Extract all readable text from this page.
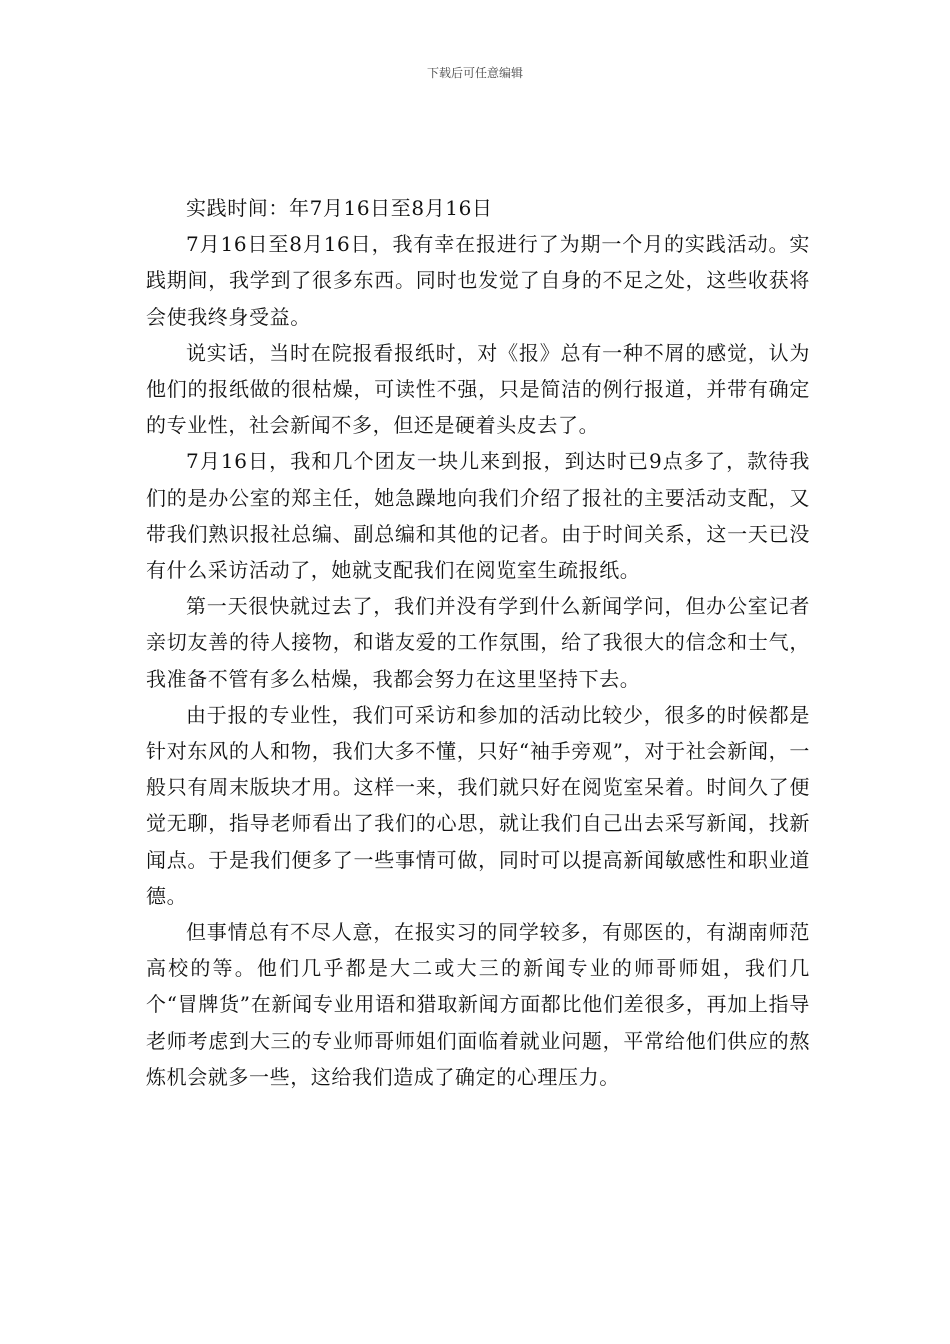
下载后可任意编辑

实践时间：年7月16日至8月16日

7月16日至8月16日，我有幸在报进行了为期一个月的实践活动。实践期间，我学到了很多东西。同时也发觉了自身的不足之处，这些收获将会使我终身受益。

说实话，当时在院报看报纸时，对《报》总有一种不屑的感觉，认为他们的报纸做的很枯燥，可读性不强，只是简洁的例行报道，并带有确定的专业性，社会新闻不多，但还是硬着头皮去了。

7月16日，我和几个团友一块儿来到报，到达时已9点多了，款待我们的是办公室的郑主任，她急躁地向我们介绍了报社的主要活动支配，又带我们熟识报社总编、副总编和其他的记者。由于时间关系，这一天已没有什么采访活动了，她就支配我们在阅览室生疏报纸。

第一天很快就过去了，我们并没有学到什么新闻学问，但办公室记者亲切友善的待人接物，和谐友爱的工作氛围，给了我很大的信念和士气，我准备不管有多么枯燥，我都会努力在这里坚持下去。

由于报的专业性，我们可采访和参加的活动比较少，很多的时候都是针对东风的人和物，我们大多不懂，只好“袖手旁观”，对于社会新闻，一般只有周末版块才用。这样一来，我们就只好在阅览室呆着。时间久了便觉无聊，指导老师看出了我们的心思，就让我们自己出去采写新闻，找新闻点。于是我们便多了一些事情可做，同时可以提高新闻敏感性和职业道德。

但事情总有不尽人意，在报实习的同学较多，有郧医的，有湖南师范高校的等。他们几乎都是大二或大三的新闻专业的师哥师姐，我们几个“冒牌货”在新闻专业用语和猎取新闻方面都比他们差很多，再加上指导老师考虑到大三的专业师哥师姐们面临着就业问题，平常给他们供应的熬炼机会就多一些，这给我们造成了确定的心理压力。
